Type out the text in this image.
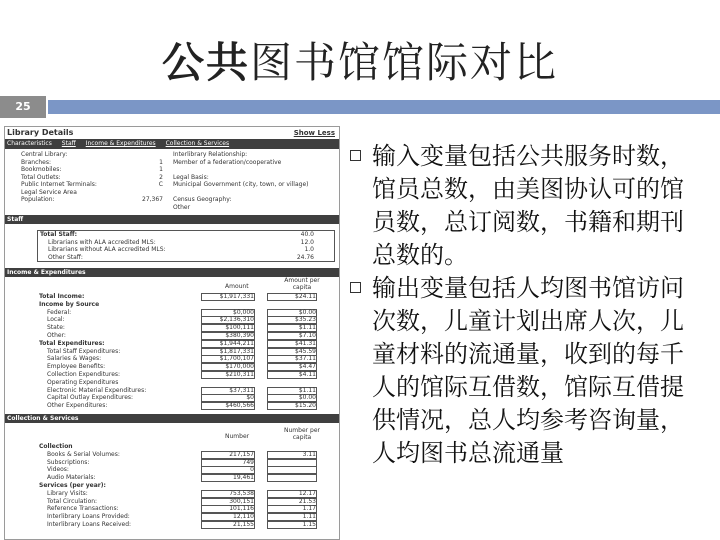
公共图书馆馆际对比
25
Library Details	Show Less
Characteristics Staff Income & Expenditures Collection & Services
Central Library:	Interlibrary Relationship:
Branches:	1 Member of a federation/cooperative
Bookmobiles:	1
Total Outlets:	2 Legal Basis:
Public Internet Terminals:	C Municipal Government (city, town, or village)
Legal Service Area
Population:	27,367 Census Geography:
Other
Staff
Total Staff:	40.0
Librarians with ALA accredited MLS:	12.0
Librarians without ALA accredited MLS:	1.0
Other Staff:	24.76
Income & Expenditures
Amount
Amount per capita
Total Income:	$1,917,331	$24.11
Income by Source
Federal:	$0,000	$0.00
Local:	$2,136,310	$35.23
State:	$100,111	$1.11
Other:	$380,390	$7.10
Total Expenditures:	$1,944,211	$41.31
Total Staff Expenditures:	$1,817,331	$45.59
Salaries & Wages:	$1,700,107	$37.11
Employee Benefits:	$170,000	$4.47
Collection Expenditures:	$210,311	$4.11
Operating Expenditures
Electronic Material Expenditures:	$37,311	$1.11
Capital Outlay Expenditures:	$0	$0.00
Other Expenditures:	$460,566	$15.20
Collection & Services
Number
Number per capita
Collection
Books & Serial Volumes:	217,157	3.11
Subscriptions:	749
Videos:	0
Audio Materials:	19,461
Services (per year):
Library Visits:	753,538	12.17
Total Circulation:	300,151	21.53
Reference Transactions:	101,116	1.17
Interlibrary Loans Provided:	12,110	1.11
Interlibrary Loans Received:	21,155	1.15

输入变量包括公共服务时数，馆员总数，由美图协认可的馆员数，总订阅数，书籍和期刊总数的。

输出变量包括人均图书馆访问次数，儿童计划出席人次，儿童材料的流通量，收到的每千人的馆际互借数，馆际互借提供情况，总人均参考咨询量，人均图书总流通量
